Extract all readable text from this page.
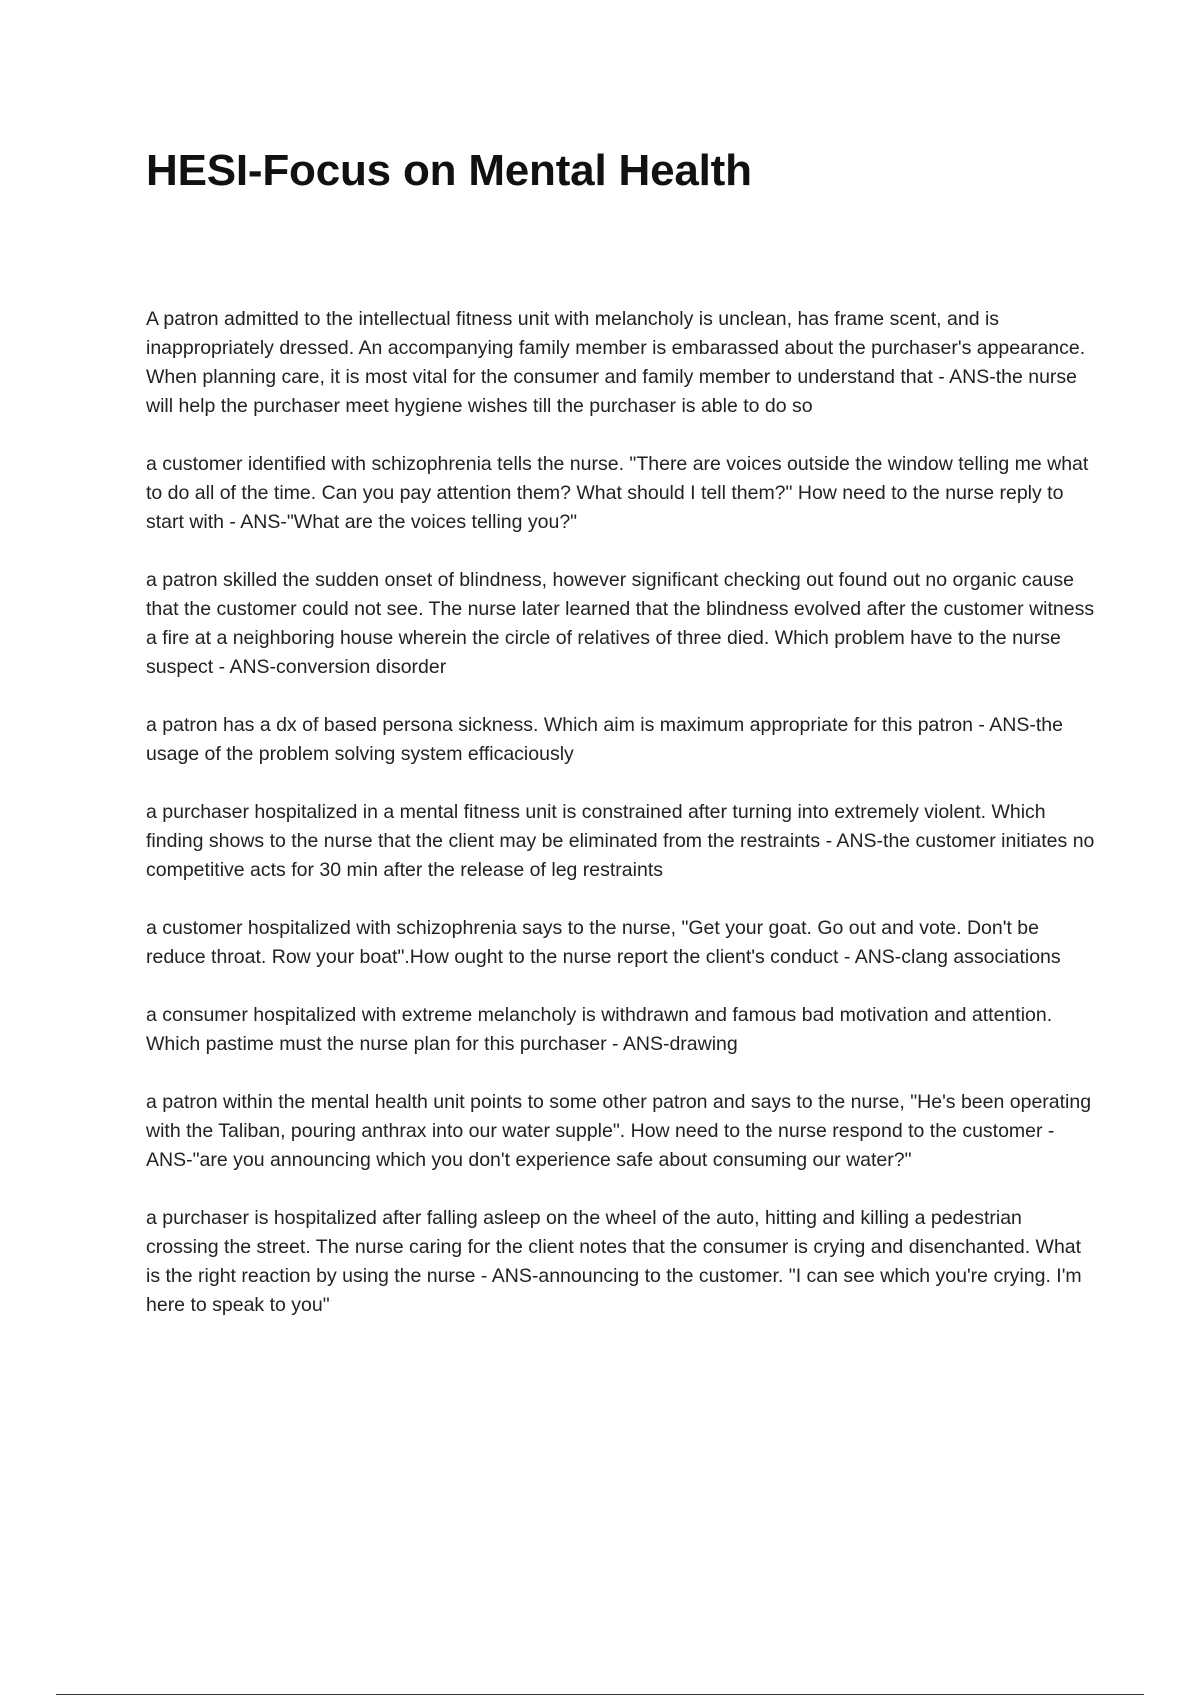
HESI-Focus on Mental Health

A patron admitted to the intellectual fitness unit with melancholy is unclean, has frame scent, and is inappropriately dressed. An accompanying family member is embarassed about the purchaser's appearance. When planning care, it is most vital for the consumer and family member to understand that - ANS-the nurse will help the purchaser meet hygiene wishes till the purchaser is able to do so

a customer identified with schizophrenia tells the nurse. "There are voices outside the window telling me what to do all of the time. Can you pay attention them? What should I tell them?" How need to the nurse reply to start with - ANS-"What are the voices telling you?"

a patron skilled the sudden onset of blindness, however significant checking out found out no organic cause that the customer could not see. The nurse later learned that the blindness evolved after the customer witness a fire at a neighboring house wherein the circle of relatives of three died. Which problem have to the nurse suspect - ANS-conversion disorder

a patron has a dx of based persona sickness. Which aim is maximum appropriate for this patron - ANS-the usage of the problem solving system efficaciously

a purchaser hospitalized in a mental fitness unit is constrained after turning into extremely violent. Which finding shows to the nurse that the client may be eliminated from the restraints - ANS-the customer initiates no competitive acts for 30 min after the release of leg restraints

a customer hospitalized with schizophrenia says to the nurse, "Get your goat. Go out and vote. Don't be reduce throat. Row your boat".How ought to the nurse report the client's conduct - ANS-clang associations

a consumer hospitalized with extreme melancholy is withdrawn and famous bad motivation and attention. Which pastime must the nurse plan for this purchaser - ANS-drawing

a patron within the mental health unit points to some other patron and says to the nurse, "He's been operating with the Taliban, pouring anthrax into our water supple". How need to the nurse respond to the customer - ANS-"are you announcing which you don't experience safe about consuming our water?"

a purchaser is hospitalized after falling asleep on the wheel of the auto, hitting and killing a pedestrian crossing the street. The nurse caring for the client notes that the consumer is crying and disenchanted. What is the right reaction by using the nurse - ANS-announcing to the customer. "I can see which you're crying. I'm here to speak to you"
